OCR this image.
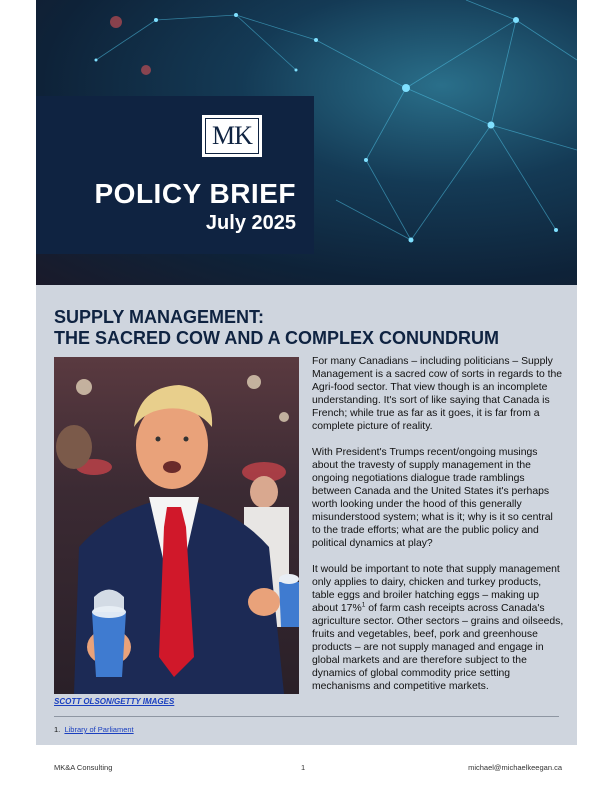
POLICY BRIEF
July 2025
MK
SUPPLY MANAGEMENT:
THE SACRED COW AND A COMPLEX CONUNDRUM
SCOTT OLSON/GETTY IMAGES

For many Canadians – including politicians – Supply Management is a sacred cow of sorts in regards to the Agri-food sector. That view though is an incomplete understanding. It's sort of like saying that Canada is French; while true as far as it goes, it is far from a complete picture of reality.

With President's Trumps recent/ongoing musings about the travesty of supply management in the ongoing negotiations dialogue trade ramblings between Canada and the United States it's perhaps worth looking under the hood of this generally misunderstood system; what is it; why is it so central to the trade efforts; what are the public policy and political dynamics at play?

It would be important to note that supply management only applies to dairy, chicken and turkey products, table eggs and broiler hatching eggs – making up about 17%$^1$ of farm cash receipts across Canada's agriculture sector. Other sectors – grains and oilseeds, fruits and vegetables, beef, pork and greenhouse products – are not supply managed and engage in global markets and are therefore subject to the dynamics of global commodity price setting mechanisms and competitive markets.

1. Library of Parliament
MK&A Consulting	1	michael@michaelkeegan.ca
